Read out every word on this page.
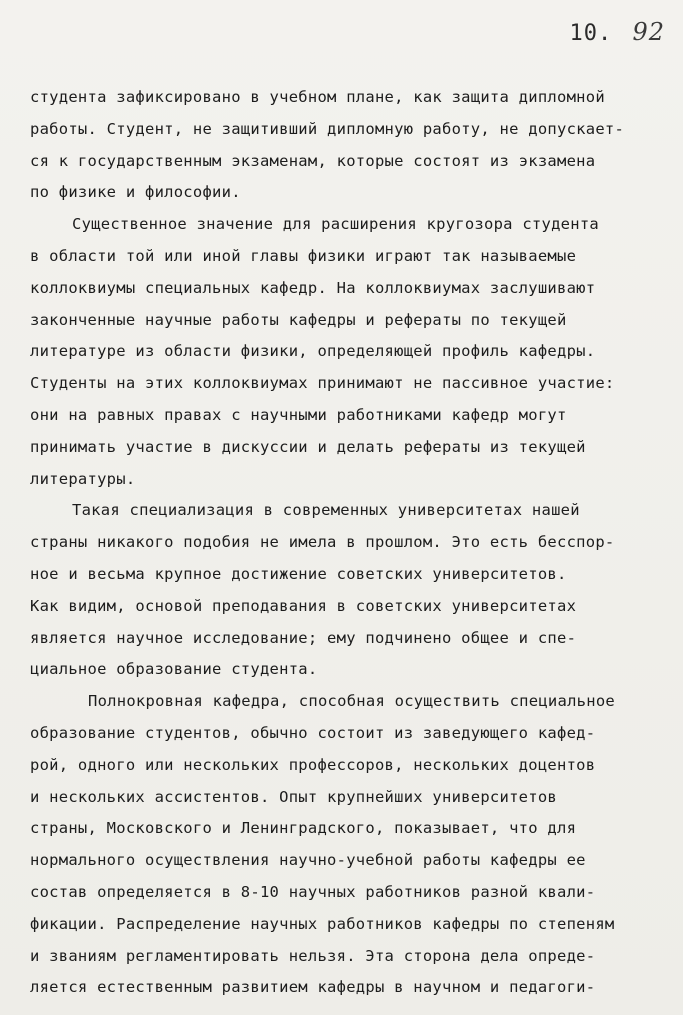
10. 92
студента зафиксировано в учебном плане, как защита дипломной
работы. Студент, не защитивший дипломную работу, не допускает-
ся к государственным экзаменам, которые состоят из экзамена
по физике и философии.
Существенное значение для расширения кругозора студента
в области той или иной главы физики играют так называемые
коллоквиумы специальных кафедр. На коллоквиумах заслушивают
законченные научные работы кафедры и рефераты по текущей
литературе из области физики, определяющей профиль кафедры.
Студенты на этих коллоквиумах принимают не пассивное участие:
они на равных правах с научными работниками кафедр могут
принимать участие в дискуссии и делать рефераты из текущей
литературы.
Такая специализация в современных университетах нашей
страны никакого подобия не имела в прошлом. Это есть бесспор-
ное и весьма крупное достижение советских университетов.
Как видим, основой преподавания в советских университетах
является научное исследование; ему подчинено общее и спе-
циальное образование студента.
Полнокровная кафедра, способная осуществить специальное
образование студентов, обычно состоит из заведующего кафед-
рой, одного или нескольких профессоров, нескольких доцентов
и нескольких ассистентов. Опыт крупнейших университетов
страны, Московского и Ленинградского, показывает, что для
нормального осуществления научно-учебной работы кафедры ее
состав определяется в 8-10 научных работников разной квали-
фикации. Распределение научных работников кафедры по степеням
и званиям регламентировать нельзя. Эта сторона дела опреде-
ляется естественным развитием кафедры в научном и педагоги-
